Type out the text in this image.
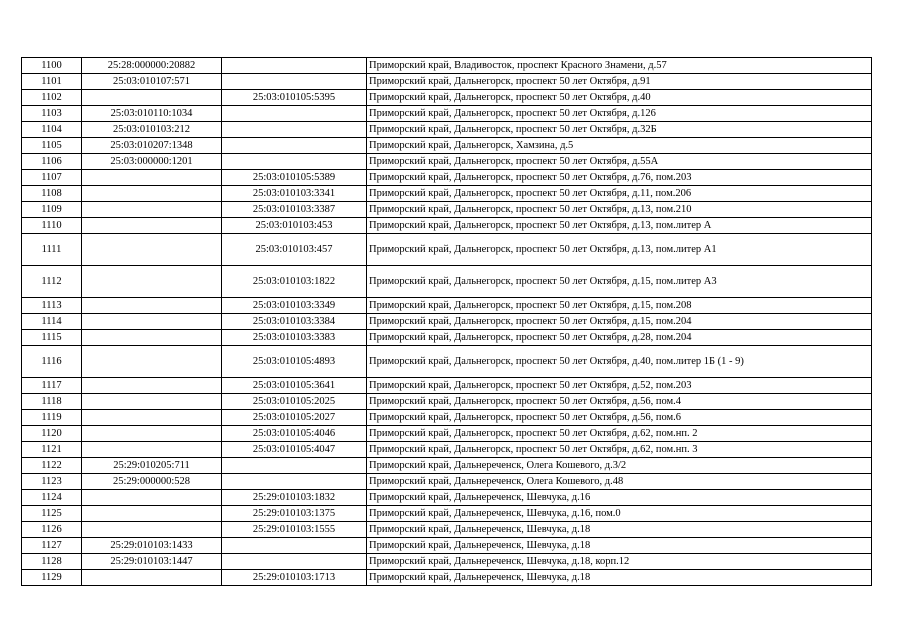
1100	25:28:000000:20882		Приморский край, Владивосток, проспект Красного Знамени, д.57
1101	25:03:010107:571		Приморский край, Дальнегорск, проспект 50 лет Октября, д.91
1102		25:03:010105:5395	Приморский край, Дальнегорск, проспект 50 лет Октября, д.40
1103	25:03:010110:1034		Приморский край, Дальнегорск, проспект 50 лет Октября, д.126
1104	25:03:010103:212		Приморский край, Дальнегорск, проспект 50 лет Октября, д.32Б
1105	25:03:010207:1348		Приморский край, Дальнегорск, Хамзина, д.5
1106	25:03:000000:1201		Приморский край, Дальнегорск, проспект 50 лет Октября, д.55А
1107		25:03:010105:5389	Приморский край, Дальнегорск, проспект 50 лет Октября, д.76, пом.203
1108		25:03:010103:3341	Приморский край, Дальнегорск, проспект 50 лет Октября, д.11, пом.206
1109		25:03:010103:3387	Приморский край, Дальнегорск, проспект 50 лет Октября, д.13, пом.210
1110		25:03:010103:453	Приморский край, Дальнегорск, проспект 50 лет Октября, д.13, пом.литер А
1111		25:03:010103:457	Приморский край, Дальнегорск, проспект 50 лет Октября, д.13, пом.литер А1
1112		25:03:010103:1822	Приморский край, Дальнегорск, проспект 50 лет Октября, д.15, пом.литер А3
1113		25:03:010103:3349	Приморский край, Дальнегорск, проспект 50 лет Октября, д.15, пом.208
1114		25:03:010103:3384	Приморский край, Дальнегорск, проспект 50 лет Октября, д.15, пом.204
1115		25:03:010103:3383	Приморский край, Дальнегорск, проспект 50 лет Октября, д.28, пом.204
1116		25:03:010105:4893	Приморский край, Дальнегорск, проспект 50 лет Октября, д.40, пом.литер 1Б (1 - 9)
1117		25:03:010105:3641	Приморский край, Дальнегорск, проспект 50 лет Октября, д.52, пом.203
1118		25:03:010105:2025	Приморский край, Дальнегорск, проспект 50 лет Октября, д.56, пом.4
1119		25:03:010105:2027	Приморский край, Дальнегорск, проспект 50 лет Октября, д.56, пом.6
1120		25:03:010105:4046	Приморский край, Дальнегорск, проспект 50 лет Октября, д.62, пом.нп. 2
1121		25:03:010105:4047	Приморский край, Дальнегорск, проспект 50 лет Октября, д.62, пом.нп. 3
1122	25:29:010205:711		Приморский край, Дальнереченск, Олега Кошевого, д.3/2
1123	25:29:000000:528		Приморский край, Дальнереченск, Олега Кошевого, д.48
1124		25:29:010103:1832	Приморский край, Дальнереченск, Шевчука, д.16
1125		25:29:010103:1375	Приморский край, Дальнереченск, Шевчука, д.16, пом.0
1126		25:29:010103:1555	Приморский край, Дальнереченск, Шевчука, д.18
1127	25:29:010103:1433		Приморский край, Дальнереченск, Шевчука, д.18
1128	25:29:010103:1447		Приморский край, Дальнереченск, Шевчука, д.18, корп.12
1129		25:29:010103:1713	Приморский край, Дальнереченск, Шевчука, д.18
